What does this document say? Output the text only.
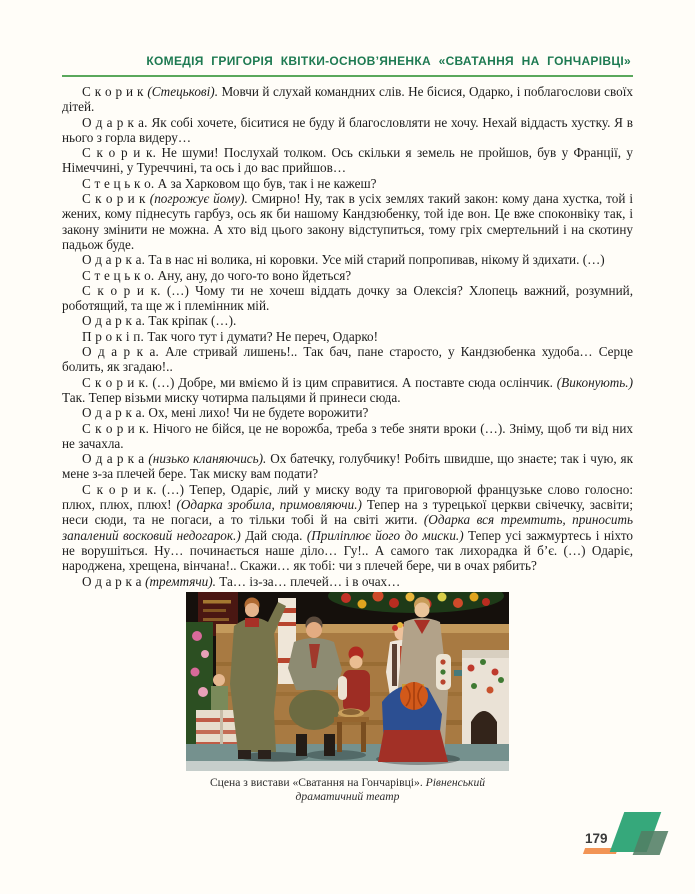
КОМЕДІЯ ГРИГОРІЯ КВІТКИ-ОСНОВ’ЯНЕНКА «СВАТАННЯ НА ГОНЧАРІВЦІ»

С к о р и к (Стецькові). Мовчи й слухай командних слів. Не бісися, Одарко, і поблагослови своїх дітей.

О д а р к а. Як собі хочете, біситися не буду й благословляти не хочу. Нехай віддасть хустку. Я в нього з горла видеру…

С к о р и к. Не шуми! Послухай толком. Ось скільки я земель не пройшов, був у Франції, у Німеччині, у Туреччині, та ось і до вас прийшов…

С т е ц ь к о. А за Харковом що був, так і не кажеш?

С к о р и к (погрожує йому). Смирно! Ну, так в усіх землях такий закон: кому дана хустка, той і жених, кому піднесуть гарбуз, ось як би нашому Кандзюбенку, той іде вон. Це вже споконвіку так, і закону змінити не можна. А хто від цього закону відступиться, тому гріх смертельний і на скотину падьож буде.

О д а р к а. Та в нас ні волика, ні коровки. Усе мій старий попропивав, нікому й здихати. (…)

С т е ц ь к о. Ану, ану, до чого-то воно йдеться?

С к о р и к. (…) Чому ти не хочеш віддать дочку за Олексія? Хлопець важний, розумний, роботящий, та ще ж і племінник мій.

О д а р к а. Так кріпак (…).

П р о к і п. Так чого тут і думати? Не переч, Одарко!

О д а р к а. Але стривай лишень!.. Так бач, пане старосто, у Кандзюбенка худоба… Серце болить, як згадаю!..

С к о р и к. (…) Добре, ми вміємо й із цим справитися. А поставте сюда ослінчик. (Виконують.) Так. Тепер візьми миску чотирма пальцями й принеси сюда.

О д а р к а. Ох, мені лихо! Чи не будете ворожити?

С к о р и к. Нічого не бійся, це не ворожба, треба з тебе зняти вроки (…). Зніму, щоб ти від них не зачахла.

О д а р к а (низько кланяючись). Ох батечку, голубчику! Робіть швидше, що знаєте; так і чую, як мене з-за плечей бере. Так миску вам подати?

С к о р и к. (…) Тепер, Одаріє, лий у миску воду та приговорюй французьке слово голосно: плюх, плюх, плюх! (Одарка зробила, примовляючи.) Тепер на з турецької церкви свічечку, засвіти; неси сюди, та не погаси, а то тільки тобі й на світі жити. (Одарка вся тремтить, приносить запалений восковий недогарок.) Дай сюда. (Приліплює його до миски.) Тепер усі зажмуртесь і ніхто не ворушіться. Ну… починається наше діло… Гу!.. А самого так лихорадка й б’є. (…) Одаріє, народжена, хрещена, вінчана!.. Скажи… як тобі: чи з плечей бере, чи в очах рябить?

О д а р к а (тремтячи). Та… із-за… плечей… і в очах…

Сцена з вистави «Сватання на Гончарівці». Рівненський драматичний театр
179
